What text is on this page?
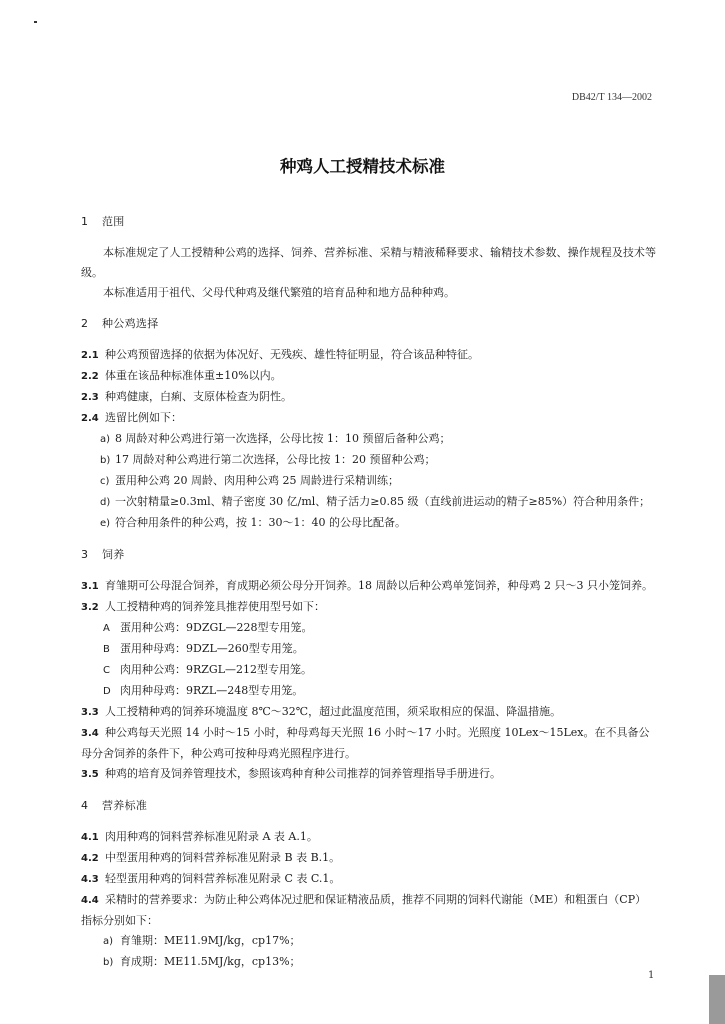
DB42/T 134—2002
种鸡人工授精技术标准
1 范围

本标准规定了人工授精种公鸡的选择、饲养、营养标准、采精与精液稀释要求、输精技术参数、操作规程及技术等级。

本标准适用于祖代、父母代种鸡及继代繁殖的培育品种和地方品种种鸡。

2 种公鸡选择

2.1 种公鸡预留选择的依据为体况好、无残疾、雄性特征明显，符合该品种特征。

2.2 体重在该品种标准体重±10%以内。

2.3 种鸡健康，白痢、支原体检查为阴性。

2.4 选留比例如下：

a) 8 周龄对种公鸡进行第一次选择，公母比按 1：10 预留后备种公鸡；

b) 17 周龄对种公鸡进行第二次选择，公母比按 1：20 预留种公鸡；

c) 蛋用种公鸡 20 周龄、肉用种公鸡 25 周龄进行采精训练；

d) 一次射精量≥0.3ml、精子密度 30 亿/ml、精子活力≥0.85 级（直线前进运动的精子≥85%）符合种用条件；

e) 符合种用条件的种公鸡，按 1：30～1：40 的公母比配备。

3 饲养

3.1 育雏期可公母混合饲养，育成期必须公母分开饲养。18 周龄以后种公鸡单笼饲养，种母鸡 2 只～3 只小笼饲养。

3.2 人工授精种鸡的饲养笼具推荐使用型号如下：

A 蛋用种公鸡：9DZGL—228型专用笼。

B 蛋用种母鸡：9DZL—260型专用笼。

C 肉用种公鸡：9RZGL—212型专用笼。

D 肉用种母鸡：9RZL—248型专用笼。

3.3 人工授精种鸡的饲养环境温度 8℃～32℃，超过此温度范围，须采取相应的保温、降温措施。

3.4 种公鸡每天光照 14 小时～15 小时，种母鸡每天光照 16 小时～17 小时。光照度 10Lex～15Lex。在不具备公母分舍饲养的条件下，种公鸡可按种母鸡光照程序进行。

3.5 种鸡的培育及饲养管理技术，参照该鸡种育种公司推荐的饲养管理指导手册进行。

4 营养标准

4.1 肉用种鸡的饲料营养标准见附录 A 表 A.1。

4.2 中型蛋用种鸡的饲料营养标准见附录 B 表 B.1。

4.3 轻型蛋用种鸡的饲料营养标准见附录 C 表 C.1。

4.4 采精时的营养要求：为防止种公鸡体况过肥和保证精液品质，推荐不同期的饲料代谢能（ME）和粗蛋白（CP）指标分别如下：

a) 育雏期：ME11.9MJ/kg，cp17%；

b) 育成期：ME11.5MJ/kg，cp13%；

1
